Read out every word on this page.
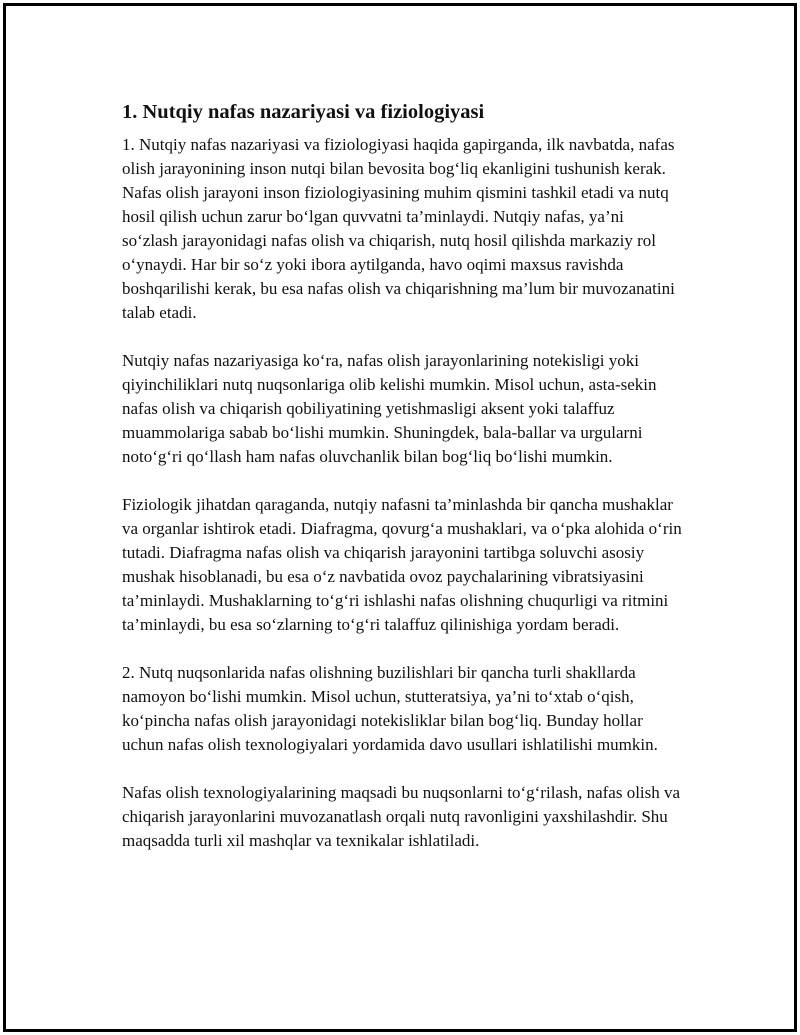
1. Nutqiy nafas nazariyasi va fiziologiyasi

1. Nutqiy nafas nazariyasi va fiziologiyasi haqida gapirganda, ilk navbatda, nafas olish jarayonining inson nutqi bilan bevosita bog‘liq ekanligini tushunish kerak. Nafas olish jarayoni inson fiziologiyasining muhim qismini tashkil etadi va nutq hosil qilish uchun zarur bo‘lgan quvvatni ta’minlaydi. Nutqiy nafas, ya’ni so‘zlash jarayonidagi nafas olish va chiqarish, nutq hosil qilishda markaziy rol o‘ynaydi. Har bir so‘z yoki ibora aytilganda, havo oqimi maxsus ravishda boshqarilishi kerak, bu esa nafas olish va chiqarishning ma’lum bir muvozanatini talab etadi.

Nutqiy nafas nazariyasiga ko‘ra, nafas olish jarayonlarining notekisligi yoki qiyinchiliklari nutq nuqsonlariga olib kelishi mumkin. Misol uchun, asta-sekin nafas olish va chiqarish qobiliyatining yetishmasligi aksent yoki talaffuz muammolariga sabab bo‘lishi mumkin. Shuningdek, bala-ballar va urgularni noto‘g‘ri qo‘llash ham nafas oluvchanlik bilan bog‘liq bo‘lishi mumkin.

Fiziologik jihatdan qaraganda, nutqiy nafasni ta’minlashda bir qancha mushaklar va organlar ishtirok etadi. Diafragma, qovurg‘a mushaklari, va o‘pka alohida o‘rin tutadi. Diafragma nafas olish va chiqarish jarayonini tartibga soluvchi asosiy mushak hisoblanadi, bu esa o‘z navbatida ovoz paychalarining vibratsiyasini ta’minlaydi. Mushaklarning to‘g‘ri ishlashi nafas olishning chuqurligi va ritmini ta’minlaydi, bu esa so‘zlarning to‘g‘ri talaffuz qilinishiga yordam beradi.

2. Nutq nuqsonlarida nafas olishning buzilishlari bir qancha turli shakllarda namoyon bo‘lishi mumkin. Misol uchun, stutteratsiya, ya’ni to‘xtab o‘qish, ko‘pincha nafas olish jarayonidagi notekisliklar bilan bog‘liq. Bunday hollar uchun nafas olish texnologiyalari yordamida davo usullari ishlatilishi mumkin.

Nafas olish texnologiyalarining maqsadi bu nuqsonlarni to‘g‘rilash, nafas olish va chiqarish jarayonlarini muvozanatlash orqali nutq ravonligini yaxshilashdir. Shu maqsadda turli xil mashqlar va texnikalar ishlatiladi.
